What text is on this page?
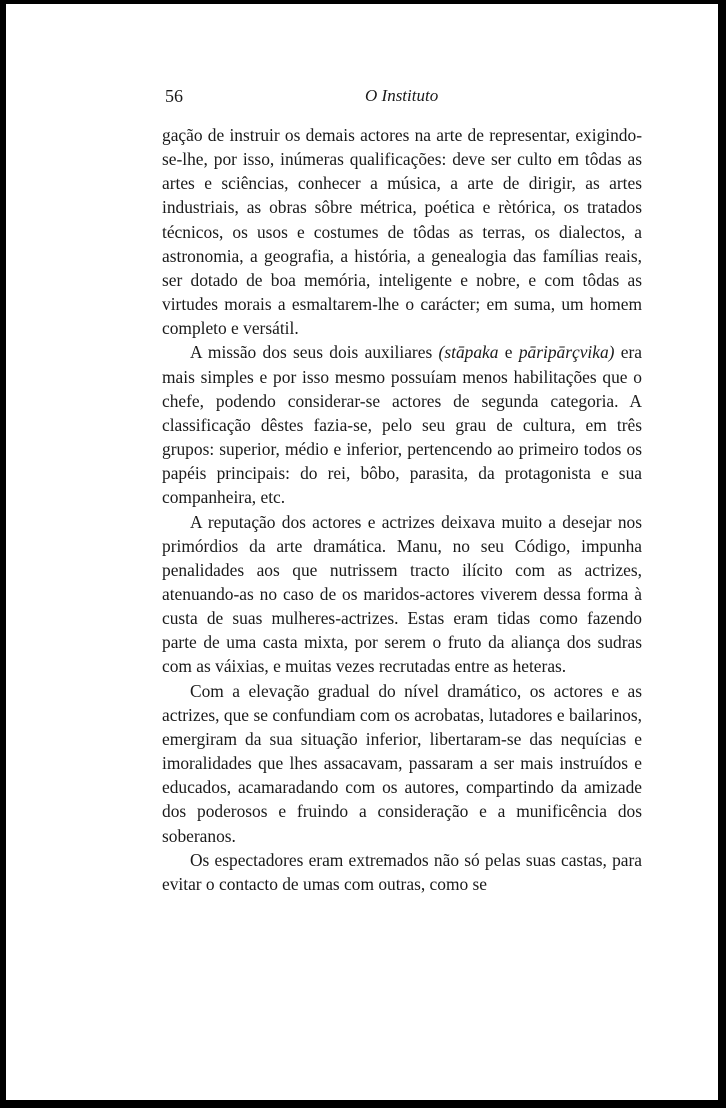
56	O Instituto

gação de instruir os demais actores na arte de representar, exigindo-se-lhe, por isso, inúmeras qualificações: deve ser culto em tôdas as artes e sciências, conhecer a música, a arte de dirigir, as artes industriais, as obras sôbre métrica, poética e rètórica, os tratados técnicos, os usos e costumes de tôdas as terras, os dialectos, a astronomia, a geografia, a história, a genealogia das famílias reais, ser dotado de boa memória, inteligente e nobre, e com tôdas as virtudes morais a esmaltarem-lhe o carácter; em suma, um homem completo e versátil.

A missão dos seus dois auxiliares (stāpaka e pāripārçvika) era mais simples e por isso mesmo possuíam menos habilitações que o chefe, podendo considerar-se actores de segunda categoria. A classificação dêstes fazia-se, pelo seu grau de cultura, em três grupos: superior, médio e inferior, pertencendo ao primeiro todos os papéis principais: do rei, bôbo, parasita, da protagonista e sua companheira, etc.

A reputação dos actores e actrizes deixava muito a desejar nos primórdios da arte dramática. Manu, no seu Código, impunha penalidades aos que nutrissem tracto ilícito com as actrizes, atenuando-as no caso de os maridos-actores viverem dessa forma à custa de suas mulheres-actrizes. Estas eram tidas como fazendo parte de uma casta mixta, por serem o fruto da aliança dos sudras com as váixias, e muitas vezes recrutadas entre as heteras.

Com a elevação gradual do nível dramático, os actores e as actrizes, que se confundiam com os acrobatas, lutadores e bailarinos, emergiram da sua situação inferior, libertaram-se das nequícias e imoralidades que lhes assacavam, passaram a ser mais instruídos e educados, acamaradando com os autores, compartindo da amizade dos poderosos e fruindo a consideração e a munificência dos soberanos.

Os espectadores eram extremados não só pelas suas castas, para evitar o contacto de umas com outras, como se
